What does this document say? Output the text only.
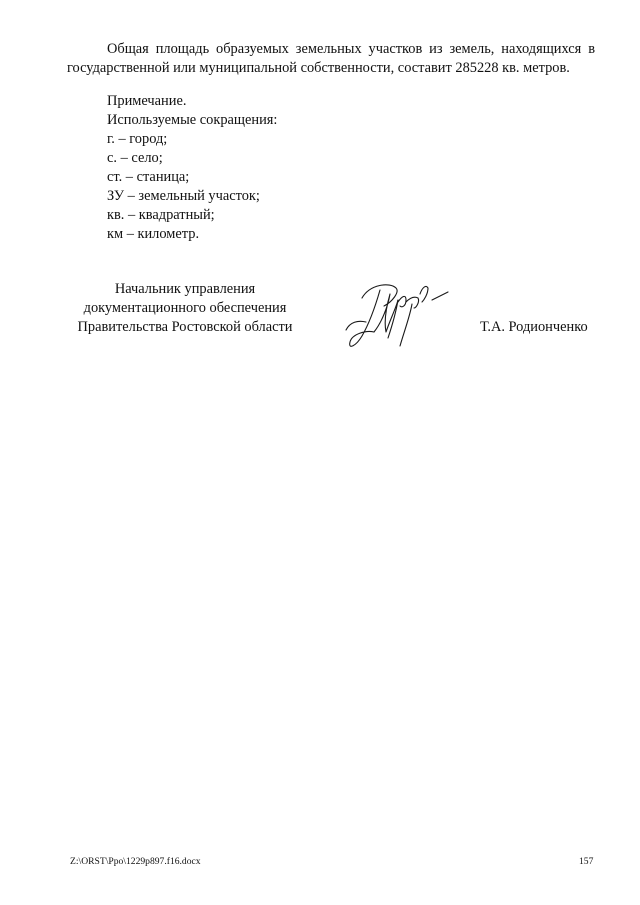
Общая площадь образуемых земельных участков из земель, находящихся в государственной или муниципальной собственности, составит 285228 кв. метров.
Примечание.
Используемые сокращения:
г. – город;
с. – село;
ст. – станица;
ЗУ – земельный участок;
кв. – квадратный;
км – километр.
Начальник управления
документационного обеспечения
Правительства Ростовской области	Т.А. Родионченко
Z:\ORST\Ppo\1229p897.f16.docx	157
